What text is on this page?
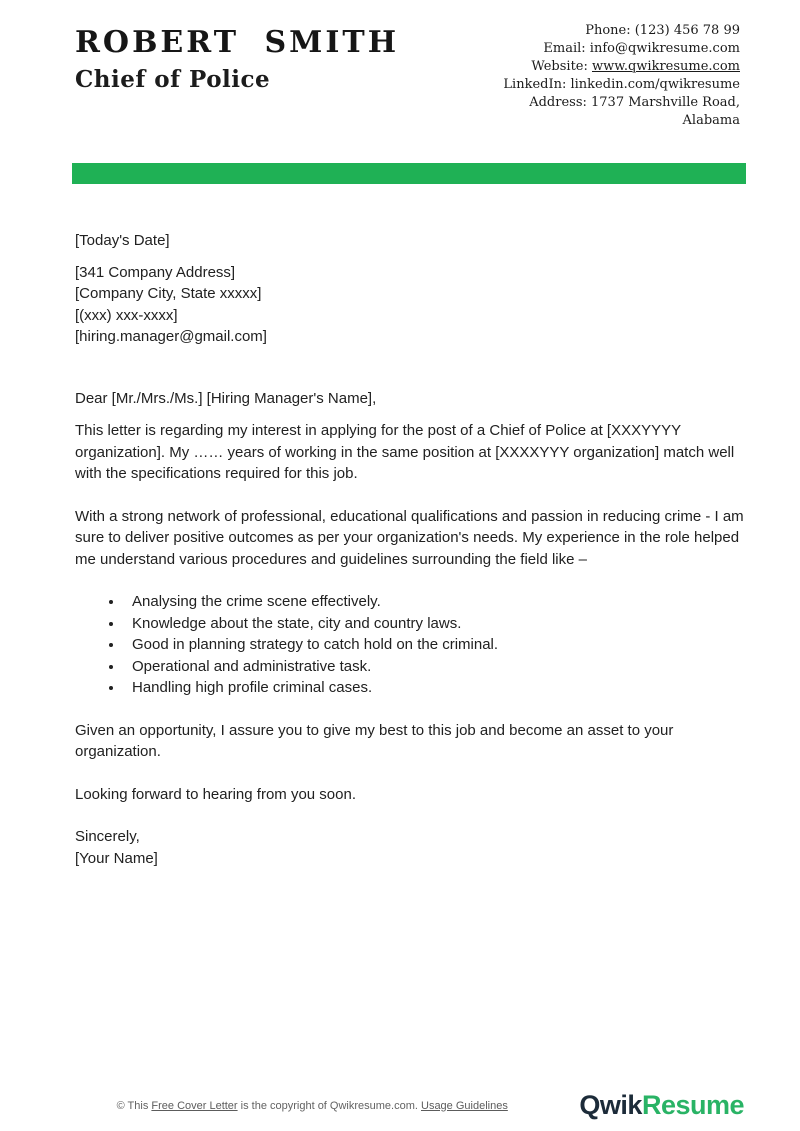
ROBERT SMITH
Chief of Police
Phone: (123) 456 78 99
Email: info@qwikresume.com
Website: www.qwikresume.com
LinkedIn: linkedin.com/qwikresume
Address: 1737 Marshville Road,
Alabama

[Today's Date]

[341 Company Address]
[Company City, State xxxxx]
[(xxx) xxx-xxxx]
[hiring.manager@gmail.com]

Dear [Mr./Mrs./Ms.] [Hiring Manager's Name],

This letter is regarding my interest in applying for the post of a Chief of Police at [XXXYYYY organization]. My …… years of working in the same position at [XXXXYYY organization] match well with the specifications required for this job.

With a strong network of professional, educational qualifications and passion in reducing crime - I am sure to deliver positive outcomes as per your organization's needs. My experience in the role helped me understand various procedures and guidelines surrounding the field like –

• Analysing the crime scene effectively.
• Knowledge about the state, city and country laws.
• Good in planning strategy to catch hold on the criminal.
• Operational and administrative task.
• Handling high profile criminal cases.

Given an opportunity, I assure you to give my best to this job and become an asset to your organization.

Looking forward to hearing from you soon.

Sincerely,

[Your Name]

© This Free Cover Letter is the copyright of Qwikresume.com. Usage Guidelines	QwikResume
